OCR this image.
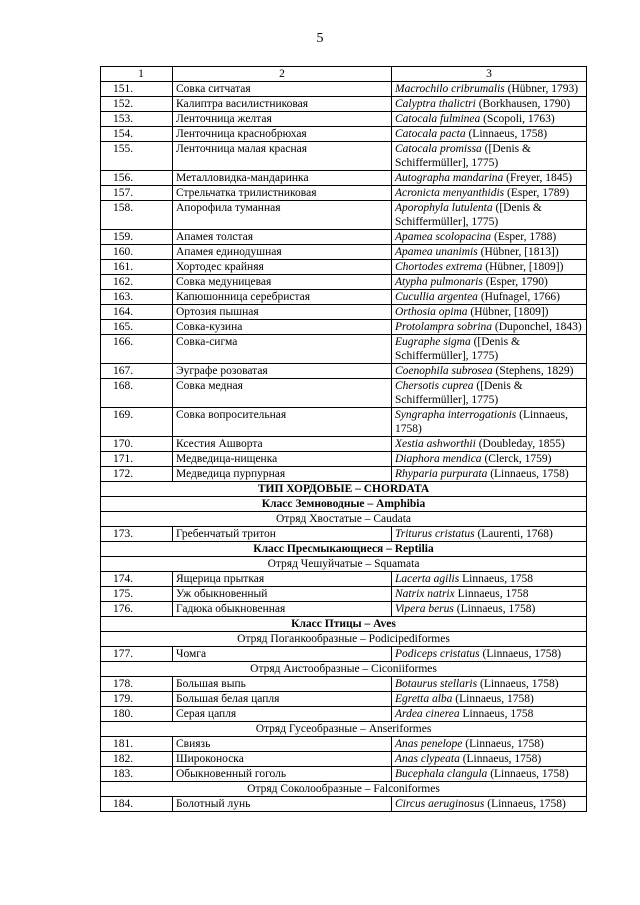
5
1	2	3
151.	Совка ситчатая	Macrochilo cribrumalis (Hübner, 1793)
152.	Калиптра василистниковая	Calyptra thalictri (Borkhausen, 1790)
153.	Ленточница желтая	Catocala fulminea (Scopoli, 1763)
154.	Ленточница краснобрюхая	Catocala pacta (Linnaeus, 1758)
155.	Ленточница малая красная	Catocala promissa ([Denis & Schiffermüller], 1775)
156.	Металловидка-мандаринка	Autographa mandarina (Freyer, 1845)
157.	Стрельчатка трилистниковая	Acronicta menyanthidis (Esper, 1789)
158.	Апорофила туманная	Aporophyla lutulenta ([Denis & Schiffermüller], 1775)
159.	Апамея толстая	Apamea scolopacina (Esper, 1788)
160.	Апамея единодушная	Apamea unanimis (Hübner, [1813])
161.	Хортодес крайняя	Chortodes extrema (Hübner, [1809])
162.	Совка медуницевая	Atypha pulmonaris (Esper, 1790)
163.	Капюшонница серебристая	Cucullia argentea (Hufnagel, 1766)
164.	Ортозия пышная	Orthosia opima (Hübner, [1809])
165.	Совка-кузина	Protolampra sobrina (Duponchel, 1843)
166.	Совка-сигма	Eugraphe sigma ([Denis & Schiffermüller], 1775)
167.	Эуграфе розоватая	Coenophila subrosea (Stephens, 1829)
168.	Совка медная	Chersotis cuprea ([Denis & Schiffermüller], 1775)
169.	Совка вопросительная	Syngrapha interrogationis (Linnaeus, 1758)
170.	Ксестия Ашворта	Xestia ashworthii (Doubleday, 1855)
171.	Медведица-нищенка	Diaphora mendica (Clerck, 1759)
172.	Медведица пурпурная	Rhyparia purpurata (Linnaeus, 1758)
ТИП ХОРДОВЫЕ – CHORDATA		
Класс Земноводные – Amphibia		
Отряд Хвостатые – Caudata		
173.	Гребенчатый тритон	Triturus cristatus (Laurenti, 1768)
Класс Пресмыкающиеся – Reptilia		
Отряд Чешуйчатые – Squamata		
174.	Ящерица прыткая	Lacerta agilis Linnaeus, 1758
175.	Уж обыкновенный	Natrix natrix Linnaeus, 1758
176.	Гадюка обыкновенная	Vipera berus (Linnaeus, 1758)
Класс Птицы – Aves		
Отряд Поганкообразные – Podicipediformes		
177.	Чомга	Podiceps cristatus (Linnaeus, 1758)
Отряд Аистообразные – Ciconiiformes		
178.	Большая выпь	Botaurus stellaris (Linnaeus, 1758)
179.	Большая белая цапля	Egretta alba (Linnaeus, 1758)
180.	Серая цапля	Ardea cinerea Linnaeus, 1758
Отряд Гусеобразные – Anseriformes		
181.	Свиязь	Anas penelope (Linnaeus, 1758)
182.	Широконоска	Anas clypeata (Linnaeus, 1758)
183.	Обыкновенный гоголь	Bucephala clangula (Linnaeus, 1758)
Отряд Соколообразные – Falconiformes		
184.	Болотный лунь	Circus aeruginosus (Linnaeus, 1758)
